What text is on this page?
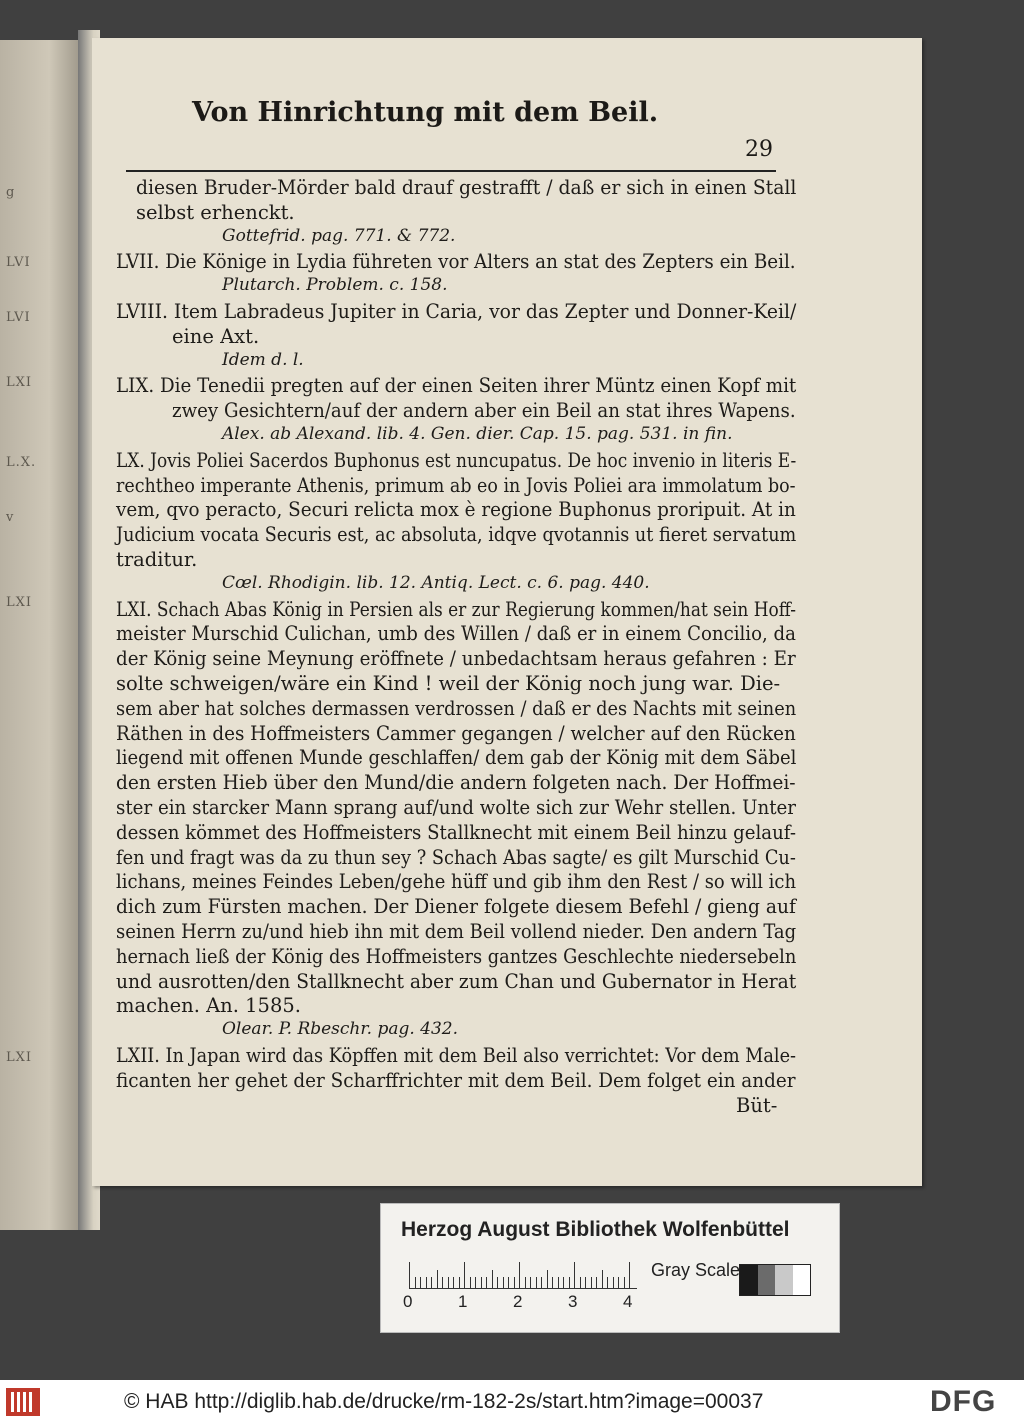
g
LVI
LVI
LXI
L.X.
v
LXI
LXI
Von Hinrichtung mit dem Beil.
29
diesen Bruder-Mörder bald drauf gestrafft / daß er sich in einen Stall
selbst erhenckt.
Gottefrid. pag. 771. & 772.
LVII. Die Könige in Lydia führeten vor Alters an stat des Zepters ein Beil.
Plutarch. Problem. c. 158.
LVIII. Item Labradeus Jupiter in Caria, vor das Zepter und Donner-Keil/
eine Axt.
Idem d. l.
LIX. Die Tenedii pregten auf der einen Seiten ihrer Müntz einen Kopf mit
zwey Gesichtern/auf der andern aber ein Beil an stat ihres Wapens.
Alex. ab Alexand. lib. 4. Gen. dier. Cap. 15. pag. 531. in fin.
LX. Jovis Poliei Sacerdos Buphonus est nuncupatus. De hoc invenio in literis E-
rechtheo imperante Athenis, primum ab eo in Jovis Poliei ara immolatum bo-
vem, qvo peracto, Securi relicta mox è regione Buphonus proripuit. At in
Judicium vocata Securis est, ac absoluta, idqve qvotannis ut fieret servatum
traditur.
Cœl. Rhodigin. lib. 12. Antiq. Lect. c. 6. pag. 440.
LXI. Schach Abas König in Persien als er zur Regierung kommen/hat sein Hoff-
meister Murschid Culichan, umb des Willen / daß er in einem Concilio, da
der König seine Meynung eröffnete / unbedachtsam heraus gefahren : Er
solte schweigen/wäre ein Kind ! weil der König noch jung war. Die-
sem aber hat solches dermassen verdrossen / daß er des Nachts mit seinen
Räthen in des Hoffmeisters Cammer gegangen / welcher auf den Rücken
liegend mit offenen Munde geschlaffen/ dem gab der König mit dem Säbel
den ersten Hieb über den Mund/die andern folgeten nach. Der Hoffmei-
ster ein starcker Mann sprang auf/und wolte sich zur Wehr stellen. Unter
dessen kömmet des Hoffmeisters Stallknecht mit einem Beil hinzu gelauf-
fen und fragt was da zu thun sey ? Schach Abas sagte/ es gilt Murschid Cu-
lichans, meines Feindes Leben/gehe hüff und gib ihm den Rest / so will ich
dich zum Fürsten machen. Der Diener folgete diesem Befehl / gieng auf
seinen Herrn zu/und hieb ihn mit dem Beil vollend nieder. Den andern Tag
hernach ließ der König des Hoffmeisters gantzes Geschlechte niedersebeln
und ausrotten/den Stallknecht aber zum Chan und Gubernator in Herat
machen. An. 1585.
Olear. P. Rbeschr. pag. 432.
LXII. In Japan wird das Köpffen mit dem Beil also verrichtet: Vor dem Male-
ficanten her gehet der Scharffrichter mit dem Beil. Dem folget ein ander
Büt-
Herzog August Bibliothek Wolfenbüttel
0	1	2	3	4
Gray Scale
© HAB http://diglib.hab.de/drucke/rm-182-2s/start.htm?image=00037	DFG
